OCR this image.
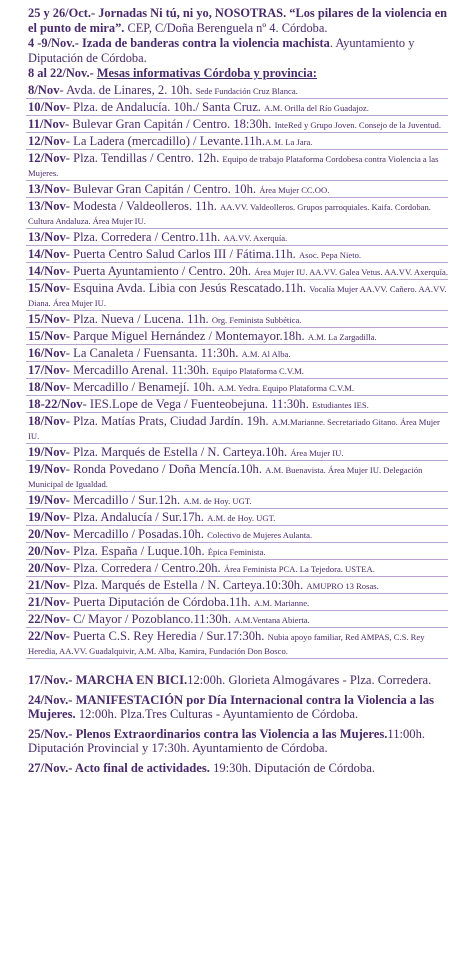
25 y 26/Oct.- Jornadas Ni tú, ni yo, NOSOTRAS. “Los pilares de la violencia en el punto de mira”. CEP, C/Doña Berenguela nº 4. Córdoba.

4 -9/Nov.- Izada de banderas contra la violencia machista. Ayuntamiento y Diputación de Córdoba.

8 al 22/Nov.- Mesas informativas Córdoba y provincia:

8/Nov- Avda. de Linares, 2. 10h. Sede Fundación Cruz Blanca.
10/Nov- Plza. de Andalucía. 10h./ Santa Cruz. A.M. Orilla del Río Guadajoz.
11/Nov- Bulevar Gran Capitán / Centro. 18:30h. InteRed y Grupo Joven. Consejo de la Juventud.
12/Nov- La Ladera (mercadillo) / Levante.11h.A.M. La Jara.
12/Nov- Plza. Tendillas / Centro. 12h. Equipo de trabajo Plataforma Cordobesa contra Violencia a las Mujeres.
13/Nov- Bulevar Gran Capitán / Centro. 10h. Área Mujer CC.OO.
13/Nov- Modesta / Valdeolleros. 11h. AA.VV. Valdeolleros. Grupos parroquiales. Kaifa. Cordoban. Cultura Andaluza. Área Mujer IU.
13/Nov- Plza. Corredera / Centro.11h. AA.VV. Axerquía.
14/Nov- Puerta Centro Salud Carlos III / Fátima.11h. Asoc. Pepa Nieto.
14/Nov- Puerta Ayuntamiento / Centro. 20h. Área Mujer IU. AA.VV. Galea Vetus. AA.VV. Axerquía.
15/Nov- Esquina Avda. Libia con Jesús Rescatado.11h. Vocalía Mujer AA.VV. Cañero. AA.VV. Diana. Área Mujer IU.
15/Nov- Plza. Nueva / Lucena. 11h. Org. Feminista Subbética.
15/Nov- Parque Miguel Hernández / Montemayor.18h. A.M. La Zargadilla.
16/Nov- La Canaleta / Fuensanta. 11:30h. A.M. Al Alba.
17/Nov- Mercadillo Arenal. 11:30h. Equipo Plataforma C.V.M.
18/Nov- Mercadillo / Benamejí. 10h. A.M. Yedra. Equipo Plataforma C.V.M.
18-22/Nov- IES.Lope de Vega / Fuenteobejuna. 11:30h. Estudiantes IES.
18/Nov- Plza. Matías Prats, Ciudad Jardín. 19h. A.M.Marianne. Secretariado Gitano. Área Mujer IU.
19/Nov- Plza. Marqués de Estella / N. Carteya.10h. Área Mujer IU.
19/Nov- Ronda Povedano / Doña Mencía.10h. A.M. Buenavista. Área Mujer IU. Delegación Municipal de Igualdad.
19/Nov- Mercadillo / Sur.12h. A.M. de Hoy. UGT.
19/Nov- Plza. Andalucía / Sur.17h. A.M. de Hoy. UGT.
20/Nov- Mercadillo / Posadas.10h. Colectivo de Mujeres Aulanta.
20/Nov- Plza. España / Luque.10h. Épica Feminista.
20/Nov- Plza. Corredera / Centro.20h. Área Feminista PCA. La Tejedora. USTEA.
21/Nov- Plza. Marqués de Estella / N. Carteya.10:30h. AMUPRO 13 Rosas.
21/Nov- Puerta Diputación de Córdoba.11h. A.M. Marianne.
22/Nov- C/ Mayor / Pozoblanco.11:30h. A.M.Ventana Abierta.
22/Nov- Puerta C.S. Rey Heredia / Sur.17:30h. Nubia apoyo familiar, Red AMPAS, C.S. Rey Heredia, AA.VV. Guadalquivir, A.M. Alba, Kamira, Fundación Don Bosco.

17/Nov.- MARCHA EN BICI.12:00h. Glorieta Almogávares - Plza. Corredera.

24/Nov.- MANIFESTACIÓN por Día Internacional contra la Violencia a las Mujeres. 12:00h. Plza.Tres Culturas - Ayuntamiento de Córdoba.

25/Nov.- Plenos Extraordinarios contra las Violencia a las Mujeres.11:00h. Diputación Provincial y 17:30h. Ayuntamiento de Córdoba.

27/Nov.- Acto final de actividades. 19:30h. Diputación de Córdoba.
